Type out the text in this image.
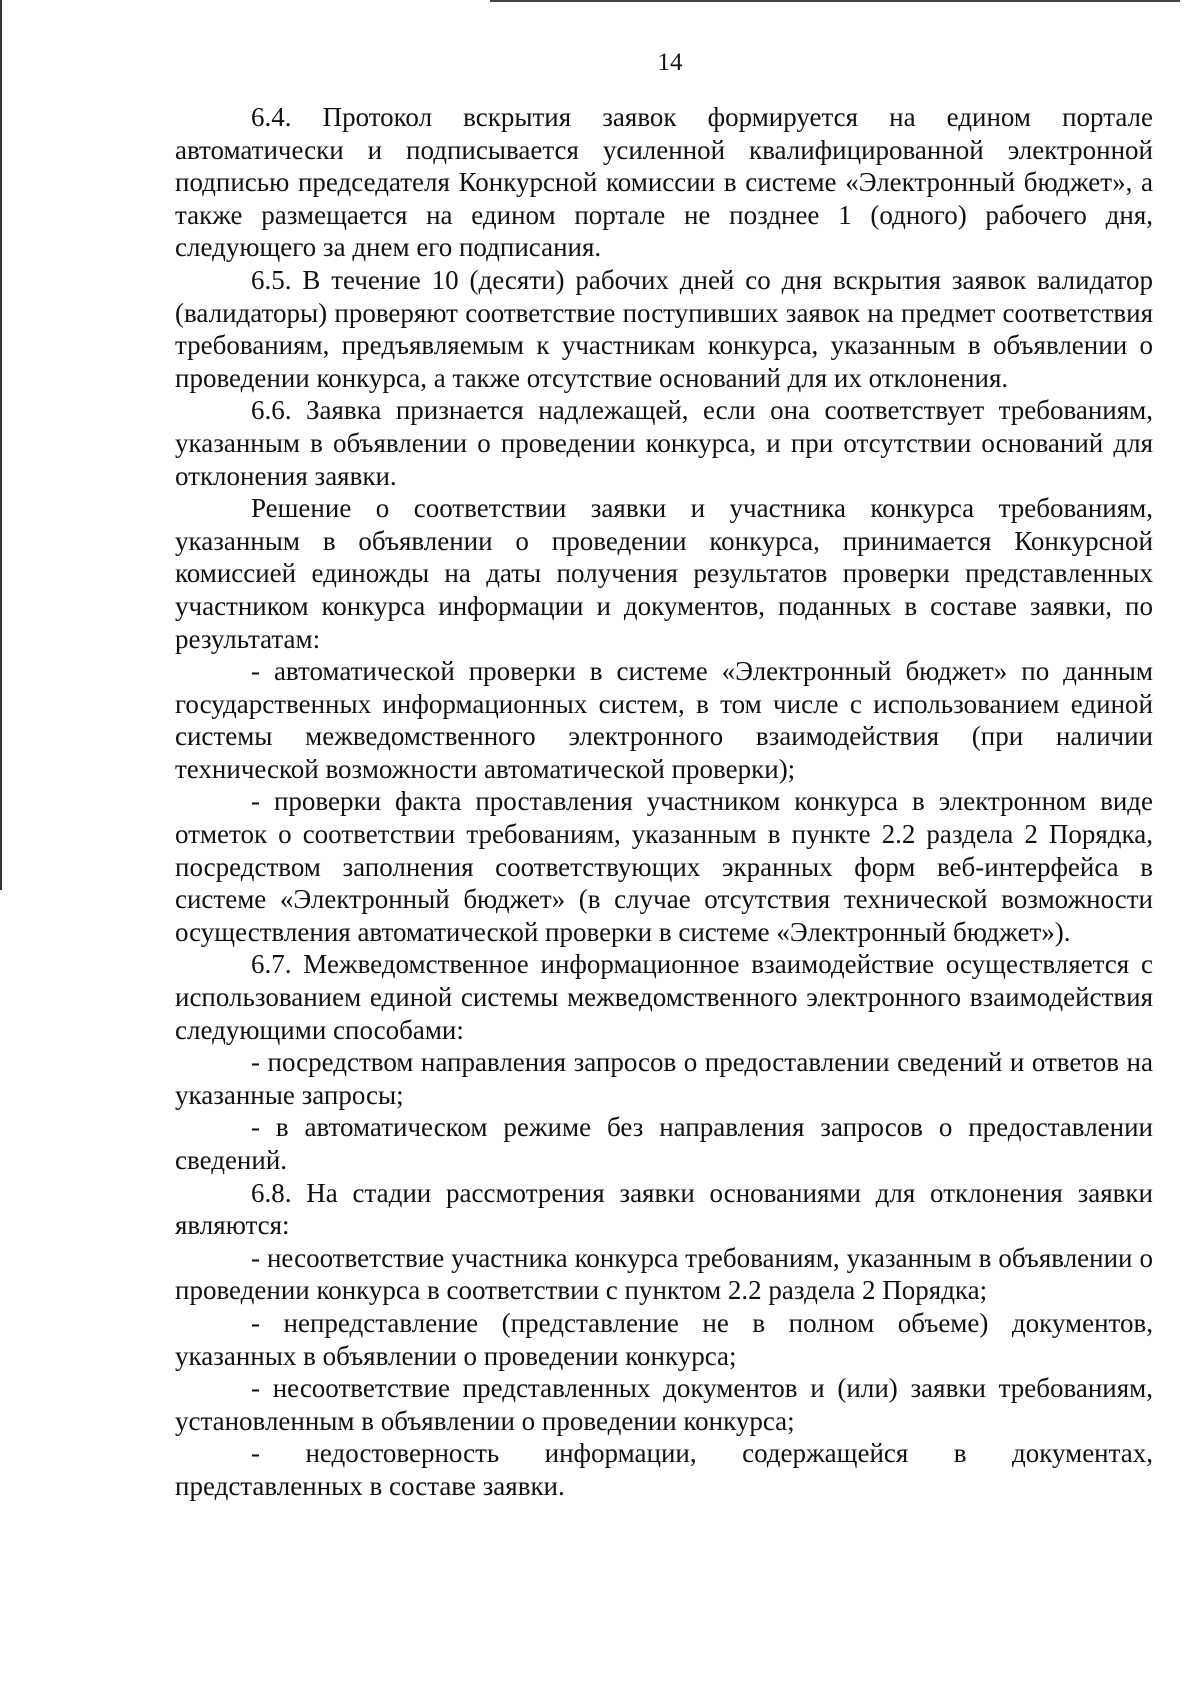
14

6.4. Протокол вскрытия заявок формируется на едином портале автоматически и подписывается усиленной квалифицированной электронной подписью председателя Конкурсной комиссии в системе «Электронный бюджет», а также размещается на едином портале не позднее 1 (одного) рабочего дня, следующего за днем его подписания.

6.5. В течение 10 (десяти) рабочих дней со дня вскрытия заявок валидатор (валидаторы) проверяют соответствие поступивших заявок на предмет соответствия требованиям, предъявляемым к участникам конкурса, указанным в объявлении о проведении конкурса, а также отсутствие оснований для их отклонения.

6.6. Заявка признается надлежащей, если она соответствует требованиям, указанным в объявлении о проведении конкурса, и при отсутствии оснований для отклонения заявки.

Решение о соответствии заявки и участника конкурса требованиям, указанным в объявлении о проведении конкурса, принимается Конкурсной комиссией единожды на даты получения результатов проверки представленных участником конкурса информации и документов, поданных в составе заявки, по результатам:

- автоматической проверки в системе «Электронный бюджет» по данным государственных информационных систем, в том числе с использованием единой системы межведомственного электронного взаимодействия (при наличии технической возможности автоматической проверки);

- проверки факта проставления участником конкурса в электронном виде отметок о соответствии требованиям, указанным в пункте 2.2 раздела 2 Порядка, посредством заполнения соответствующих экранных форм веб-интерфейса в системе «Электронный бюджет» (в случае отсутствия технической возможности осуществления автоматической проверки в системе «Электронный бюджет»).

6.7. Межведомственное информационное взаимодействие осуществляется с использованием единой системы межведомственного электронного взаимодействия следующими способами:

- посредством направления запросов о предоставлении сведений и ответов на указанные запросы;

- в автоматическом режиме без направления запросов о предоставлении сведений.

6.8. На стадии рассмотрения заявки основаниями для отклонения заявки являются:

- несоответствие участника конкурса требованиям, указанным в объявлении о проведении конкурса в соответствии с пунктом 2.2 раздела 2 Порядка;

- непредставление (представление не в полном объеме) документов, указанных в объявлении о проведении конкурса;

- несоответствие представленных документов и (или) заявки требованиям, установленным в объявлении о проведении конкурса;

- недостоверность информации, содержащейся в документах, представленных в составе заявки.
